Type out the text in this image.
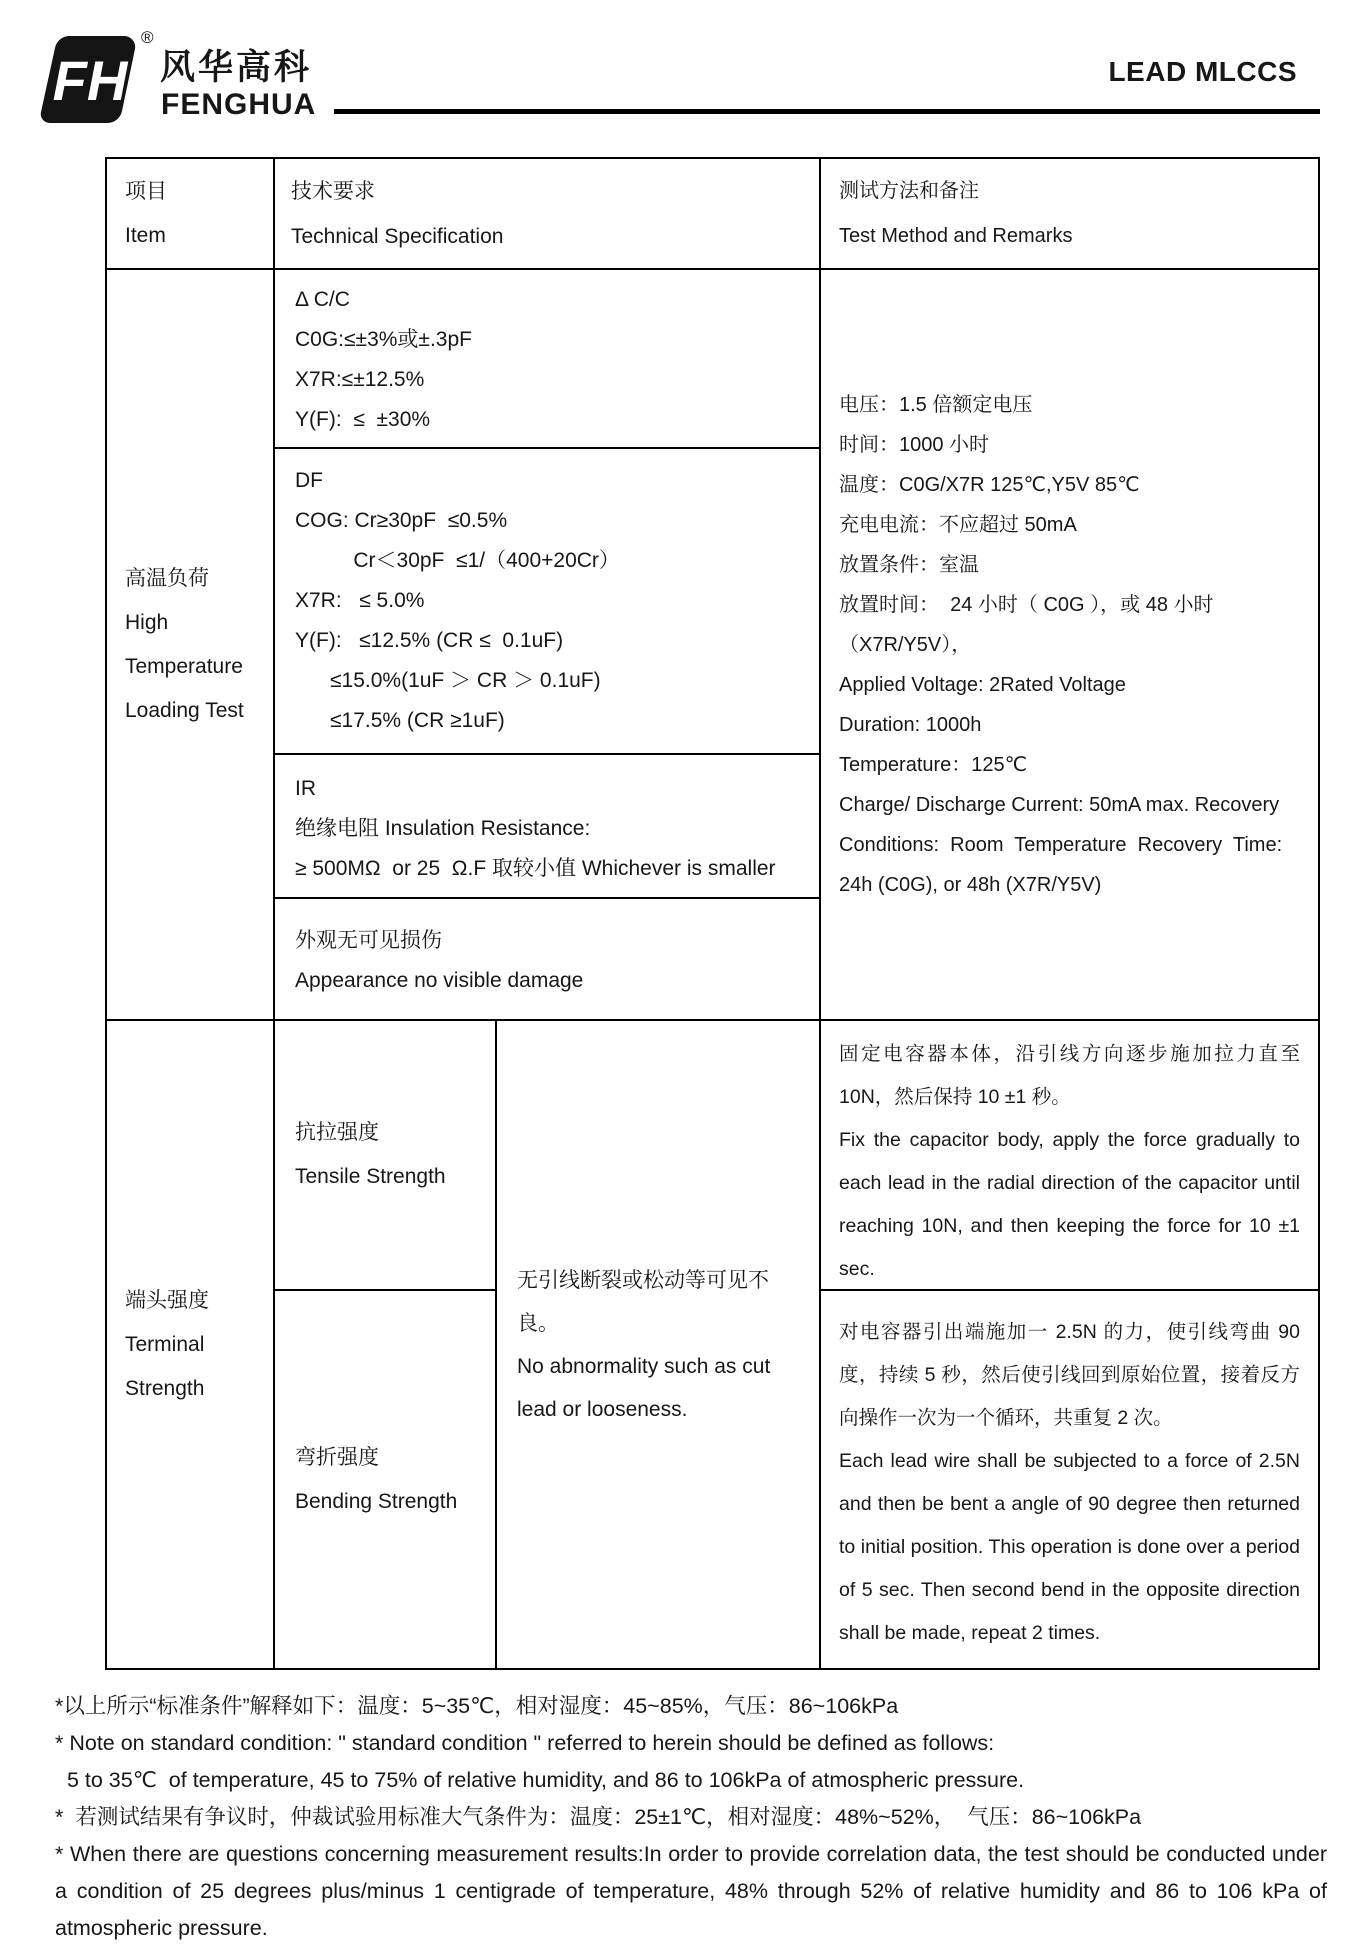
FH
®
风华高科
FENGHUA
LEAD MLCCS
项目
Item
技术要求
Technical Specification
测试方法和备注
Test Method and Remarks
高温负荷
High
Temperature
Loading Test
Δ C/C
C0G:≤±3%或±.3pF
X7R:≤±12.5%
Y(F):  ≤  ±30%
DF
COG: Cr≥30pF  ≤0.5%
Cr＜30pF  ≤1/（400+20Cr）
X7R:   ≤ 5.0%
Y(F):   ≤12.5% (CR ≤  0.1uF)
≤15.0%(1uF ＞ CR ＞ 0.1uF)
≤17.5% (CR ≥1uF)
IR
绝缘电阻 Insulation Resistance:
≥ 500MΩ  or 25  Ω.F 取较小值 Whichever is smaller
外观无可见损伤
Appearance no visible damage
电压：1.5 倍额定电压
时间：1000 小时
温度：C0G/X7R 125℃,Y5V 85℃
充电电流：不应超过 50mA
放置条件：室温
放置时间：  24 小时（ C0G ），或 48 小时
（X7R/Y5V），
Applied Voltage: 2Rated Voltage
Duration: 1000h
Temperature：125℃
Charge/ Discharge Current: 50mA max. Recovery
Conditions:  Room  Temperature  Recovery  Time:
24h (C0G), or 48h (X7R/Y5V)
端头强度
Terminal
Strength
抗拉强度
Tensile Strength
弯折强度
Bending Strength

无引线断裂或松动等可见不良。

No abnormality such as cut lead or looseness.

固定电容器本体，沿引线方向逐步施加拉力直至 10N，然后保持 10 ±1 秒。

Fix the capacitor body, apply the force gradually to each lead in the radial direction of the capacitor until reaching 10N, and then keeping the force for 10 ±1 sec.

对电容器引出端施加一 2.5N 的力，使引线弯曲 90 度，持续 5 秒，然后使引线回到原始位置，接着反方向操作一次为一个循环，共重复 2 次。

Each lead wire shall be subjected to a force of 2.5N and then be bent a angle of 90 degree then returned to initial position. This operation is done over a period of 5 sec. Then second bend in the opposite direction shall be made, repeat 2 times.

*以上所示“标准条件”解释如下：温度：5~35℃，相对湿度：45~85%，气压：86~106kPa

* Note on standard condition: " standard condition " referred to herein should be defined as follows:

5 to 35℃  of temperature, 45 to 75% of relative humidity, and 86 to 106kPa of atmospheric pressure.

*  若测试结果有争议时，仲裁试验用标准大气条件为：温度：25±1℃，相对湿度：48%~52%，  气压：86~106kPa

* When there are questions concerning measurement results:In order to provide correlation data, the test should be conducted under a condition of 25 degrees plus/minus 1 centigrade of temperature, 48% through 52% of relative humidity and 86 to 106 kPa of atmospheric pressure.
